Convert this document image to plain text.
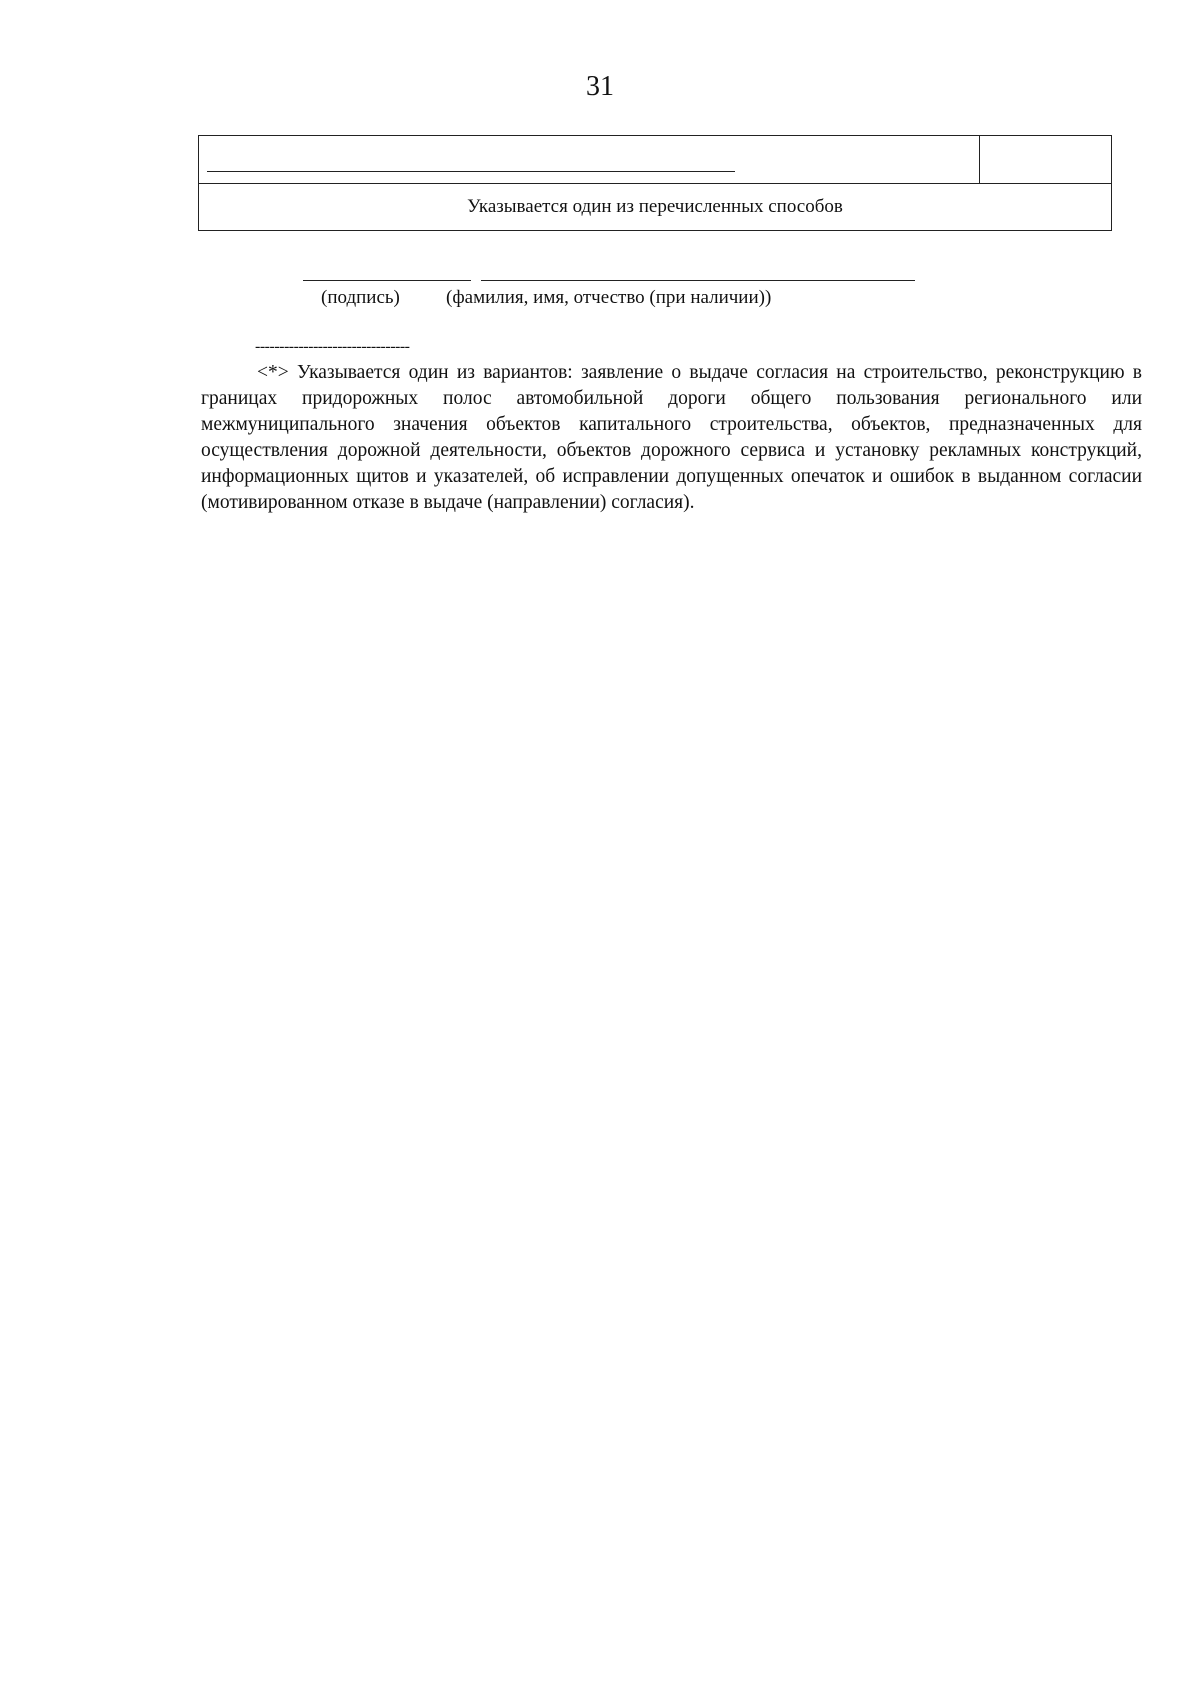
31
Указывается один из перечисленных способов
(подпись) (фамилия, имя, отчество (при наличии))
--------------------------------

<*> Указывается один из вариантов: заявление о выдаче согласия на строительство, реконструкцию в границах придорожных полос автомобильной дороги общего пользования регионального или межмуниципального значения объектов капитального строительства, объектов, предназначенных для осуществления дорожной деятельности, объектов дорожного сервиса и установку рекламных конструкций, информационных щитов и указателей, об исправлении допущенных опечаток и ошибок в выданном согласии (мотивированном отказе в выдаче (направлении) согласия).
